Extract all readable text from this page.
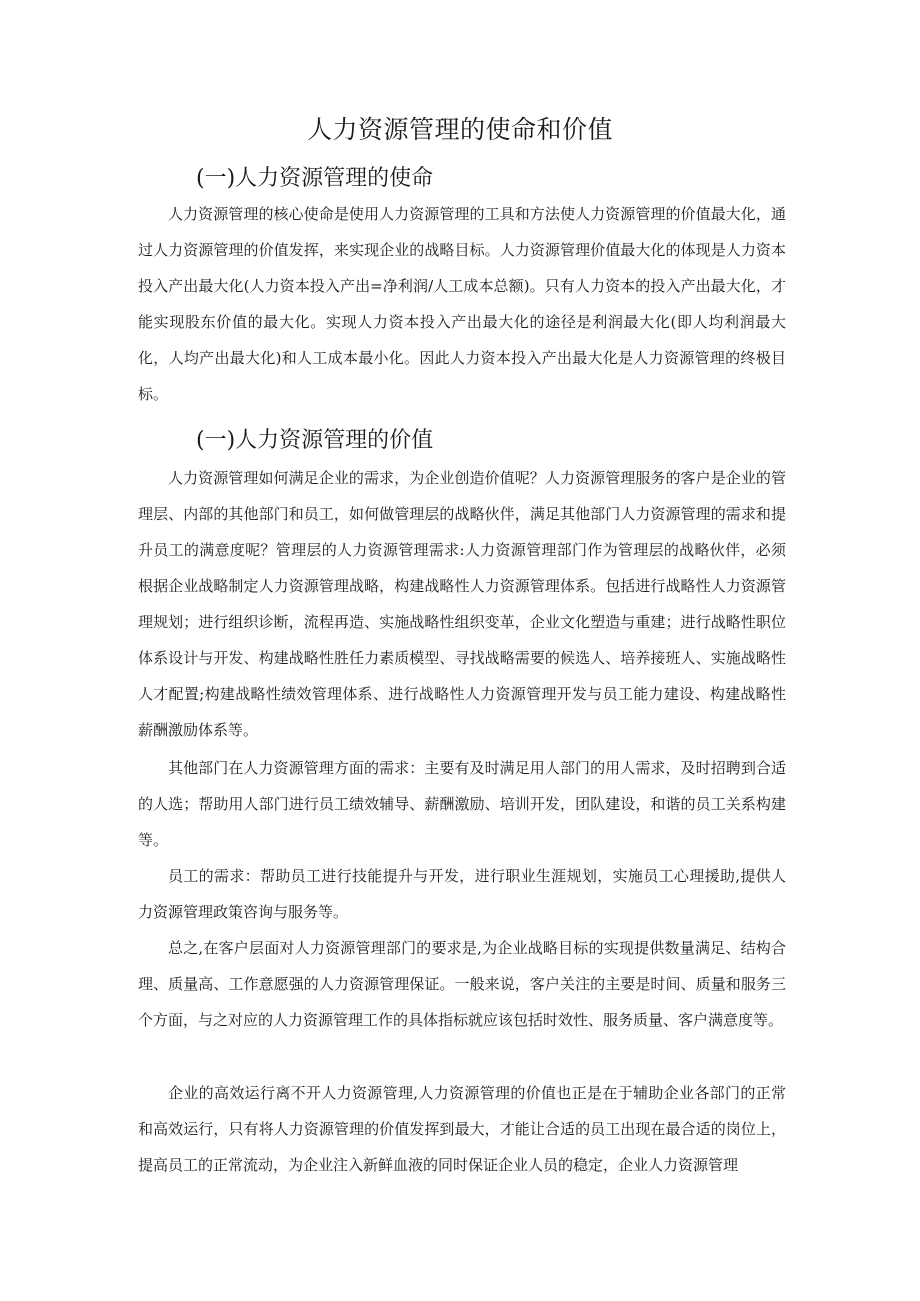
人力资源管理的使命和价值
(一)人力资源管理的使命

人力资源管理的核心使命是使用人力资源管理的工具和方法使人力资源管理的价值最大化，通过人力资源管理的价值发挥，来实现企业的战略目标。人力资源管理价值最大化的体现是人力资本投入产出最大化(人力资本投入产出=净利润/人工成本总额)。只有人力资本的投入产出最大化，才能实现股东价值的最大化。实现人力资本投入产出最大化的途径是利润最大化(即人均利润最大化，人均产出最大化)和人工成本最小化。因此人力资本投入产出最大化是人力资源管理的终极目标。

(一)人力资源管理的价值

人力资源管理如何满足企业的需求，为企业创造价值呢？人力资源管理服务的客户是企业的管理层、内部的其他部门和员工，如何做管理层的战略伙伴，满足其他部门人力资源管理的需求和提升员工的满意度呢？管理层的人力资源管理需求:人力资源管理部门作为管理层的战略伙伴，必须根据企业战略制定人力资源管理战略，构建战略性人力资源管理体系。包括进行战略性人力资源管理规划；进行组织诊断，流程再造、实施战略性组织变革，企业文化塑造与重建；进行战略性职位体系设计与开发、构建战略性胜任力素质模型、寻找战略需要的候选人、培养接班人、实施战略性人才配置;构建战略性绩效管理体系、进行战略性人力资源管理开发与员工能力建设、构建战略性薪酬激励体系等。

其他部门在人力资源管理方面的需求：主要有及时满足用人部门的用人需求，及时招聘到合适的人选；帮助用人部门进行员工绩效辅导、薪酬激励、培训开发，团队建设，和谐的员工关系构建等。

员工的需求：帮助员工进行技能提升与开发，进行职业生涯规划，实施员工心理援助,提供人力资源管理政策咨询与服务等。

总之,在客户层面对人力资源管理部门的要求是,为企业战略目标的实现提供数量满足、结构合理、质量高、工作意愿强的人力资源管理保证。一般来说，客户关注的主要是时间、质量和服务三个方面，与之对应的人力资源管理工作的具体指标就应该包括时效性、服务质量、客户满意度等。

企业的高效运行离不开人力资源管理,人力资源管理的价值也正是在于辅助企业各部门的正常和高效运行，只有将人力资源管理的价值发挥到最大，才能让合适的员工出现在最合适的岗位上，提高员工的正常流动，为企业注入新鲜血液的同时保证企业人员的稳定，企业人力资源管理
